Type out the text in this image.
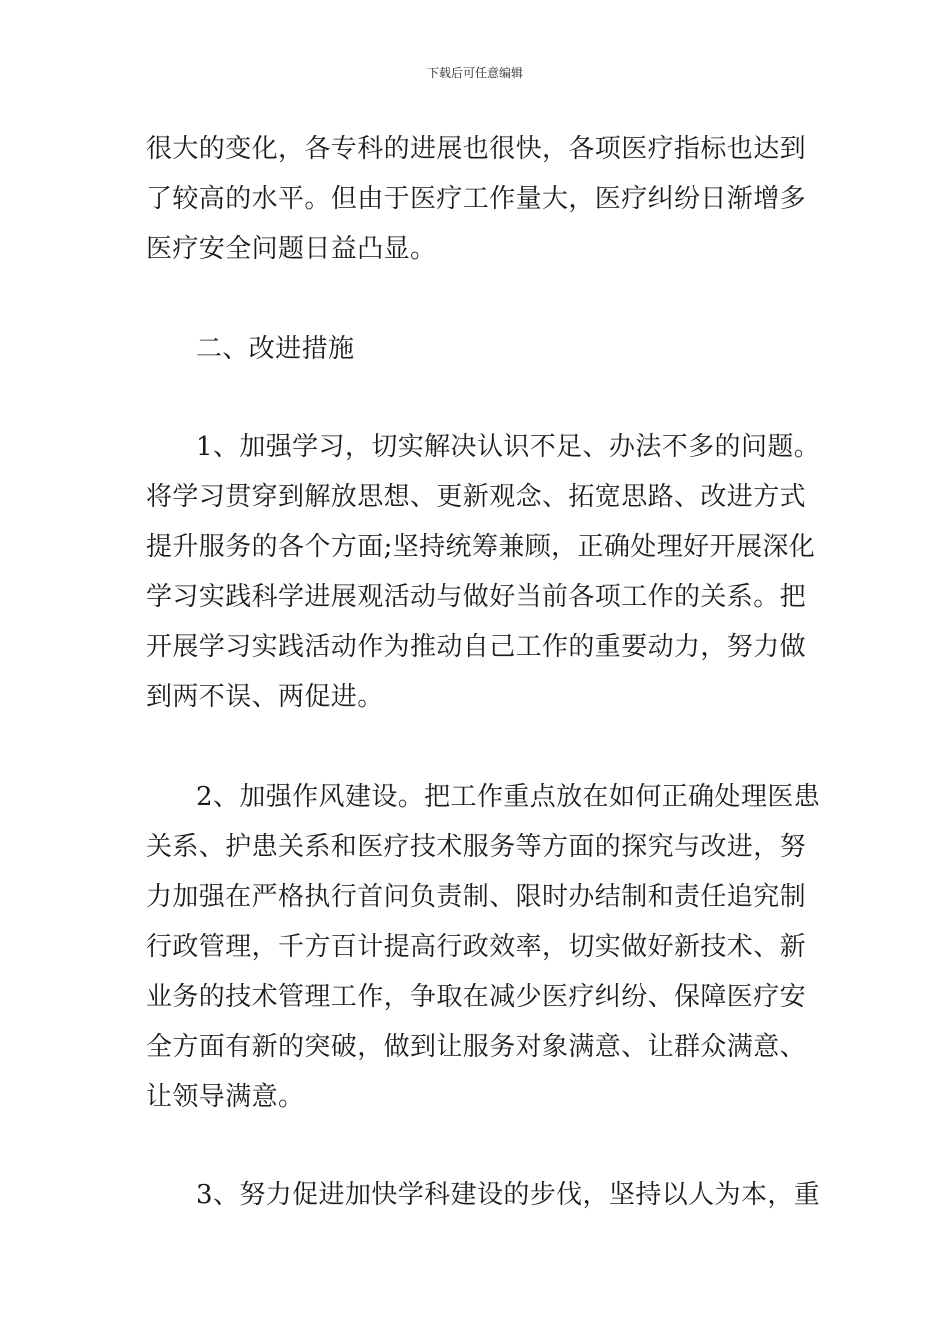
下载后可任意编辑
很大的变化，各专科的进展也很快，各项医疗指标也达到
了较高的水平。但由于医疗工作量大，医疗纠纷日渐增多
医疗安全问题日益凸显。
二、改进措施
1、加强学习，切实解决认识不足、办法不多的问题。
将学习贯穿到解放思想、更新观念、拓宽思路、改进方式
提升服务的各个方面;坚持统筹兼顾，正确处理好开展深化
学习实践科学进展观活动与做好当前各项工作的关系。把
开展学习实践活动作为推动自己工作的重要动力，努力做
到两不误、两促进。
2、加强作风建设。把工作重点放在如何正确处理医患
关系、护患关系和医疗技术服务等方面的探究与改进，努
力加强在严格执行首问负责制、限时办结制和责任追究制
行政管理，千方百计提高行政效率，切实做好新技术、新
业务的技术管理工作，争取在减少医疗纠纷、保障医疗安
全方面有新的突破，做到让服务对象满意、让群众满意、
让领导满意。
3、努力促进加快学科建设的步伐，坚持以人为本，重
